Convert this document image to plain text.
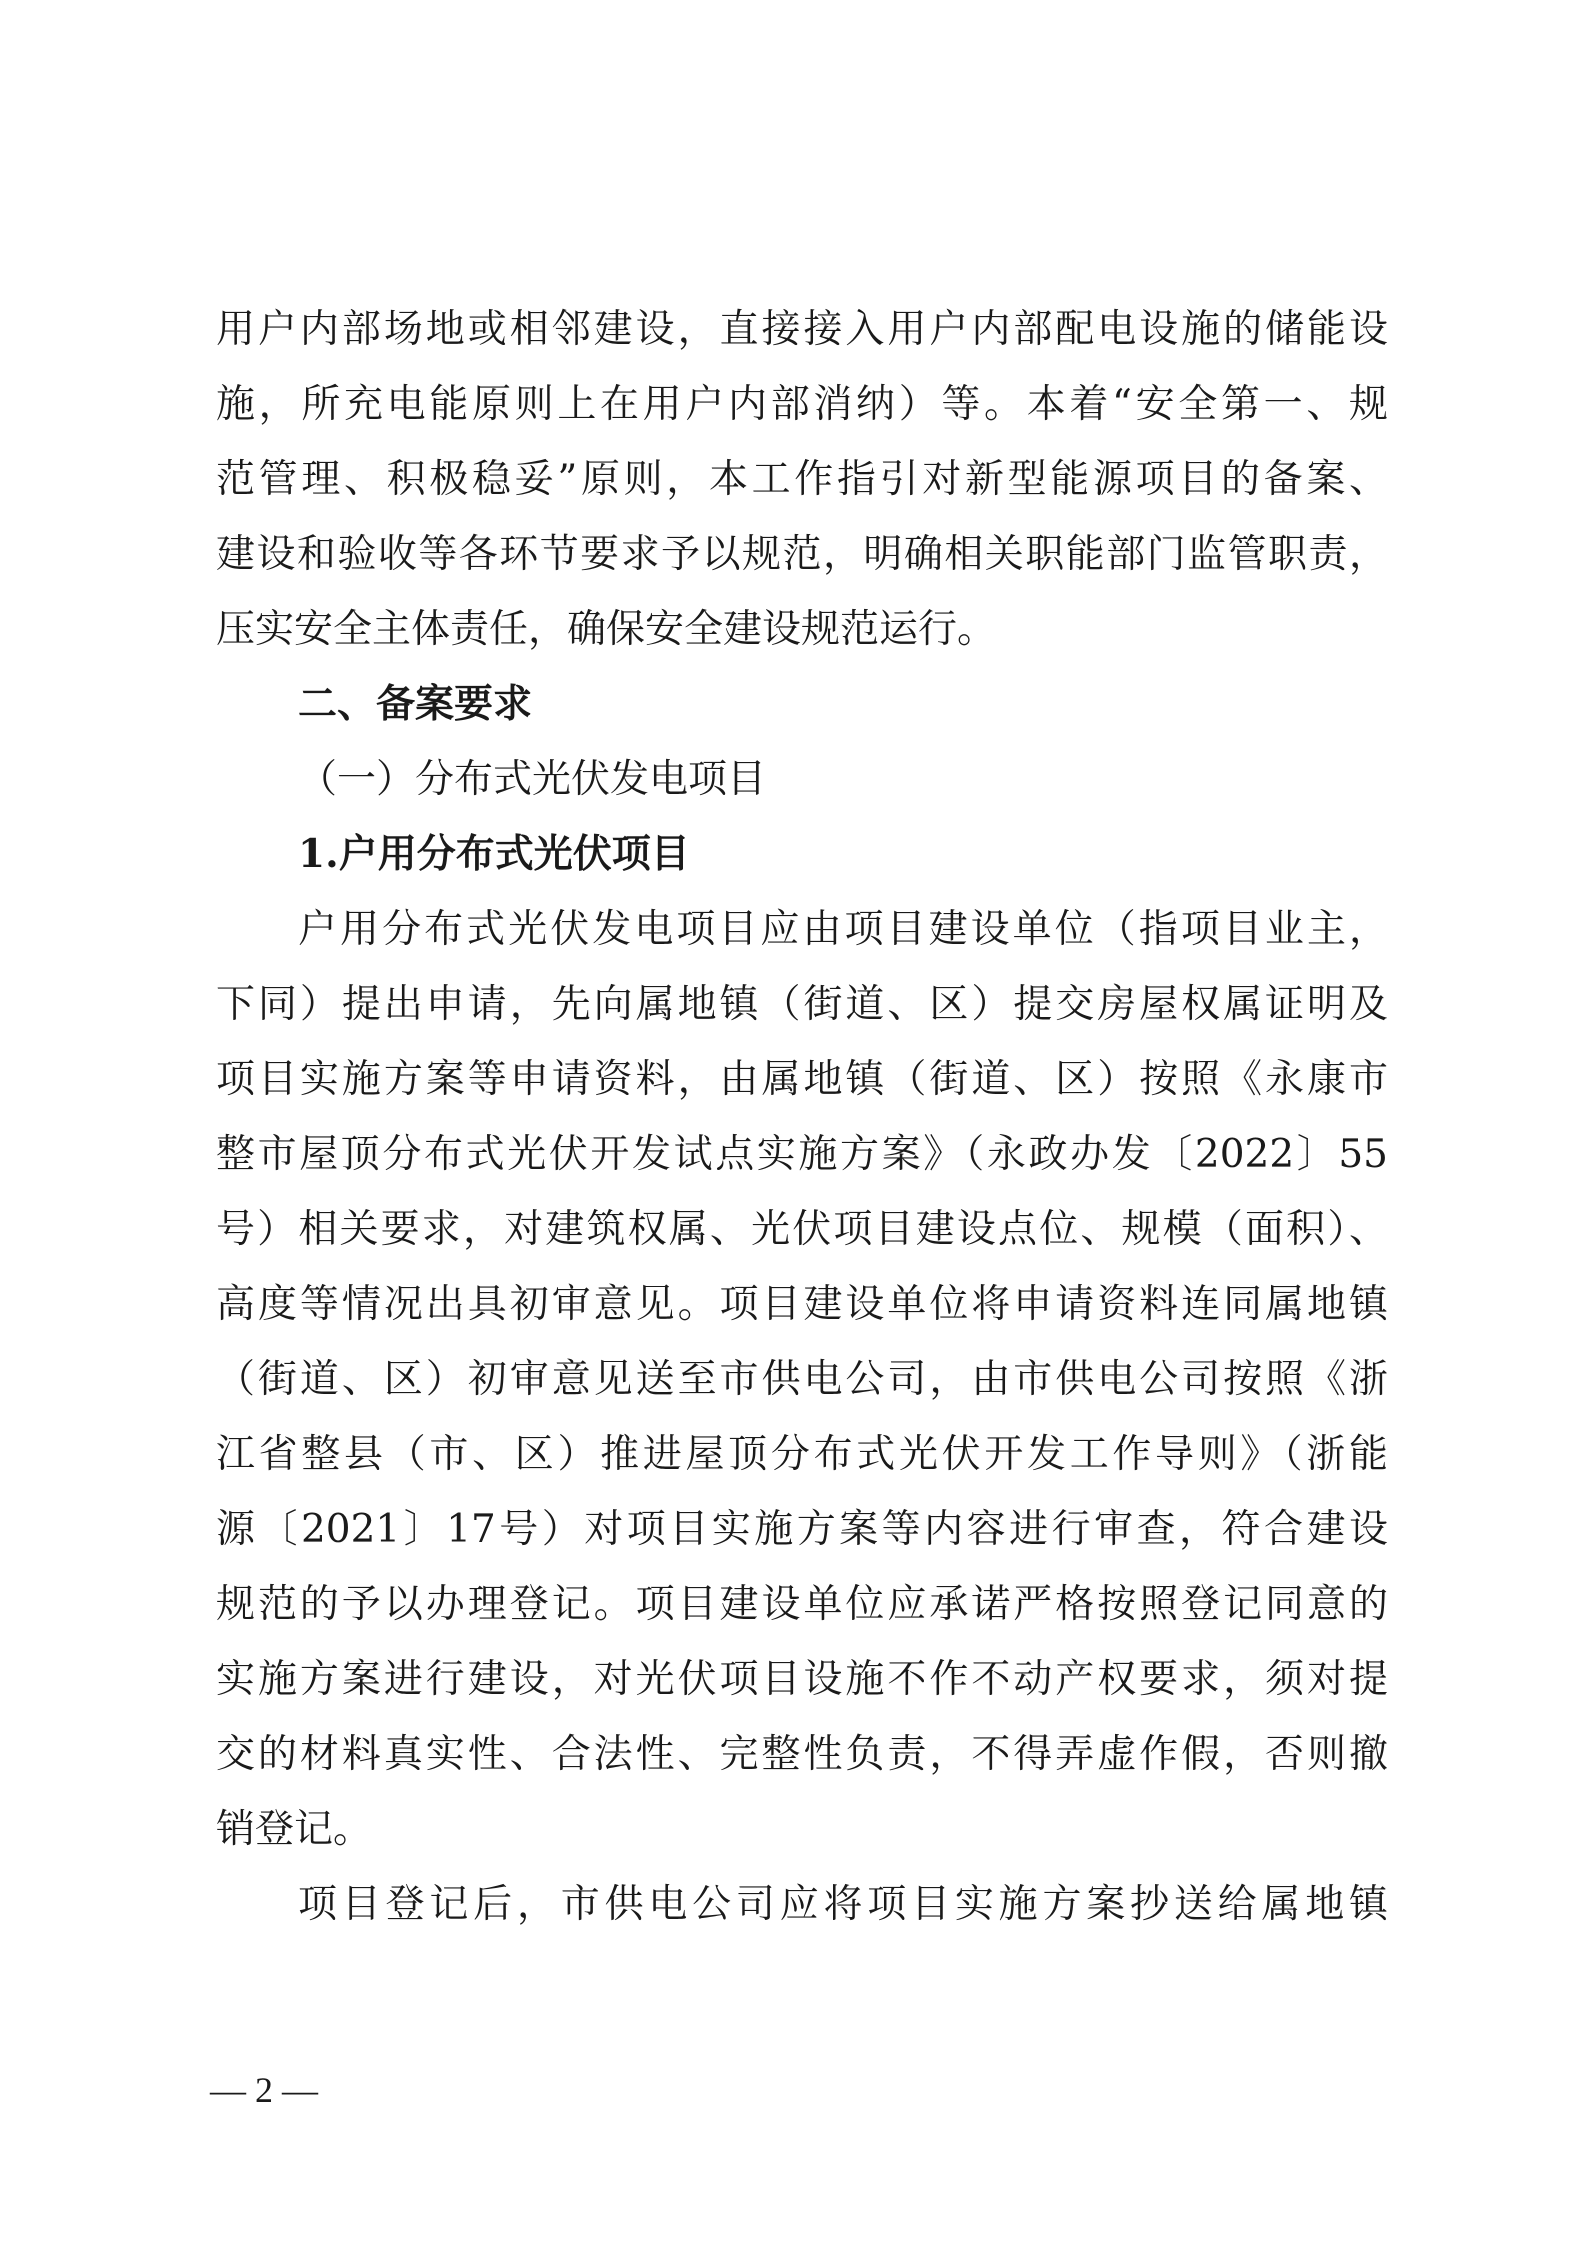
用户内部场地或相邻建设，直接接入用户内部配电设施的储能设
施，所充电能原则上在用户内部消纳）等。本着“安全第一、规
范管理、积极稳妥”原则，本工作指引对新型能源项目的备案、
建设和验收等各环节要求予以规范，明确相关职能部门监管职责，
压实安全主体责任，确保安全建设规范运行。
二、备案要求
（一）分布式光伏发电项目
1.户用分布式光伏项目
户用分布式光伏发电项目应由项目建设单位（指项目业主，
下同）提出申请，先向属地镇（街道、区）提交房屋权属证明及
项目实施方案等申请资料，由属地镇（街道、区）按照《永康市
整市屋顶分布式光伏开发试点实施方案》（永政办发〔2022〕55
号）相关要求，对建筑权属、光伏项目建设点位、规模（面积）、
高度等情况出具初审意见。项目建设单位将申请资料连同属地镇
（街道、区）初审意见送至市供电公司，由市供电公司按照《浙
江省整县（市、区）推进屋顶分布式光伏开发工作导则》（浙能
源〔2021〕17号）对项目实施方案等内容进行审查，符合建设
规范的予以办理登记。项目建设单位应承诺严格按照登记同意的
实施方案进行建设，对光伏项目设施不作不动产权要求，须对提
交的材料真实性、合法性、完整性负责，不得弄虚作假，否则撤
销登记。
项目登记后，市供电公司应将项目实施方案抄送给属地镇
— 2 —
